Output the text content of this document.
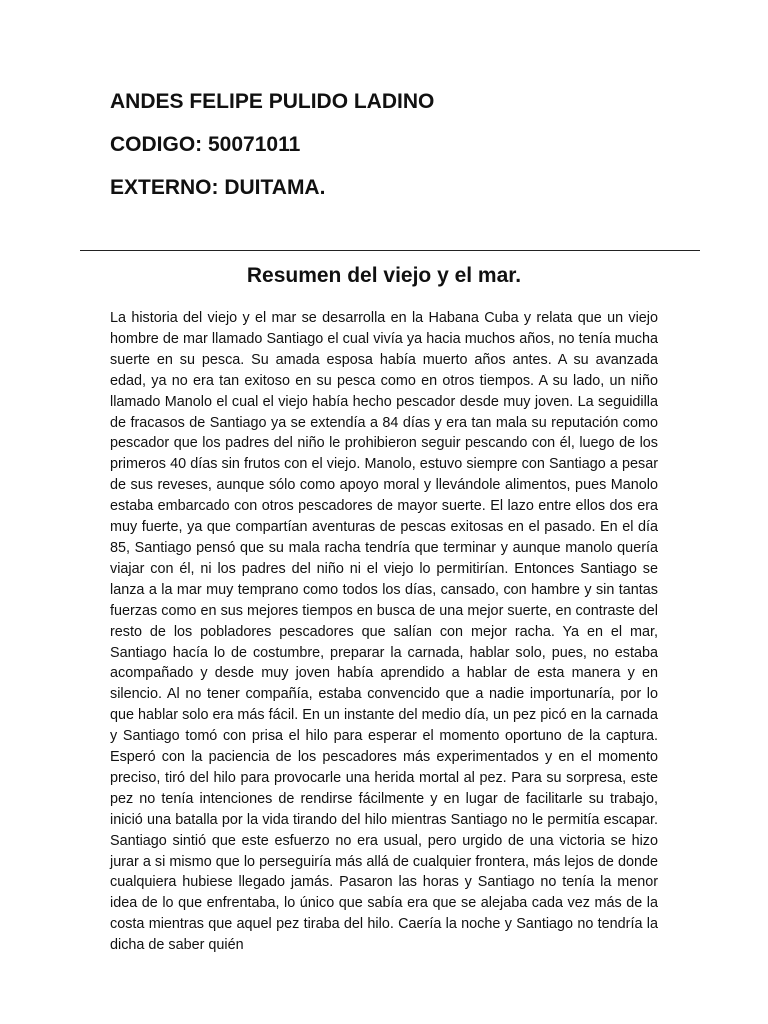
ANDES FELIPE PULIDO LADINO
CODIGO: 50071011
EXTERNO: DUITAMA.
Resumen del viejo y el mar.

La historia del viejo y el mar se desarrolla en la Habana Cuba y relata que un viejo hombre de mar llamado Santiago el cual vivía ya hacia muchos años, no tenía mucha suerte en su pesca. Su amada esposa había muerto años antes. A su avanzada edad, ya no era tan exitoso en su pesca como en otros tiempos. A su lado, un niño llamado Manolo el cual el viejo había hecho pescador desde muy joven. La seguidilla de fracasos de Santiago ya se extendía a 84 días y era tan mala su reputación como pescador que los padres del niño le prohibieron seguir pescando con él, luego de los primeros 40 días sin frutos con el viejo. Manolo, estuvo siempre con Santiago a pesar de sus reveses, aunque sólo como apoyo moral y llevándole alimentos, pues Manolo estaba embarcado con otros pescadores de mayor suerte. El lazo entre ellos dos era muy fuerte, ya que compartían aventuras de pescas exitosas en el pasado. En el día 85, Santiago pensó que su mala racha tendría que terminar y aunque manolo quería viajar con él, ni los padres del niño ni el viejo lo permitirían. Entonces Santiago se lanza a la mar muy temprano como todos los días, cansado, con hambre y sin tantas fuerzas como en sus mejores tiempos en busca de una mejor suerte, en contraste del resto de los pobladores pescadores que salían con mejor racha. Ya en el mar, Santiago hacía lo de costumbre, preparar la carnada, hablar solo, pues, no estaba acompañado y desde muy joven había aprendido a hablar de esta manera y en silencio. Al no tener compañía, estaba convencido que a nadie importunaría, por lo que hablar solo era más fácil. En un instante del medio día, un pez picó en la carnada y Santiago tomó con prisa el hilo para esperar el momento oportuno de la captura. Esperó con la paciencia de los pescadores más experimentados y en el momento preciso, tiró del hilo para provocarle una herida mortal al pez. Para su sorpresa, este pez no tenía intenciones de rendirse fácilmente y en lugar de facilitarle su trabajo, inició una batalla por la vida tirando del hilo mientras Santiago no le permitía escapar. Santiago sintió que este esfuerzo no era usual, pero urgido de una victoria se hizo jurar a si mismo que lo perseguiría más allá de cualquier frontera, más lejos de donde cualquiera hubiese llegado jamás. Pasaron las horas y Santiago no tenía la menor idea de lo que enfrentaba, lo único que sabía era que se alejaba cada vez más de la costa mientras que aquel pez tiraba del hilo. Caería la noche y Santiago no tendría la dicha de saber quién
